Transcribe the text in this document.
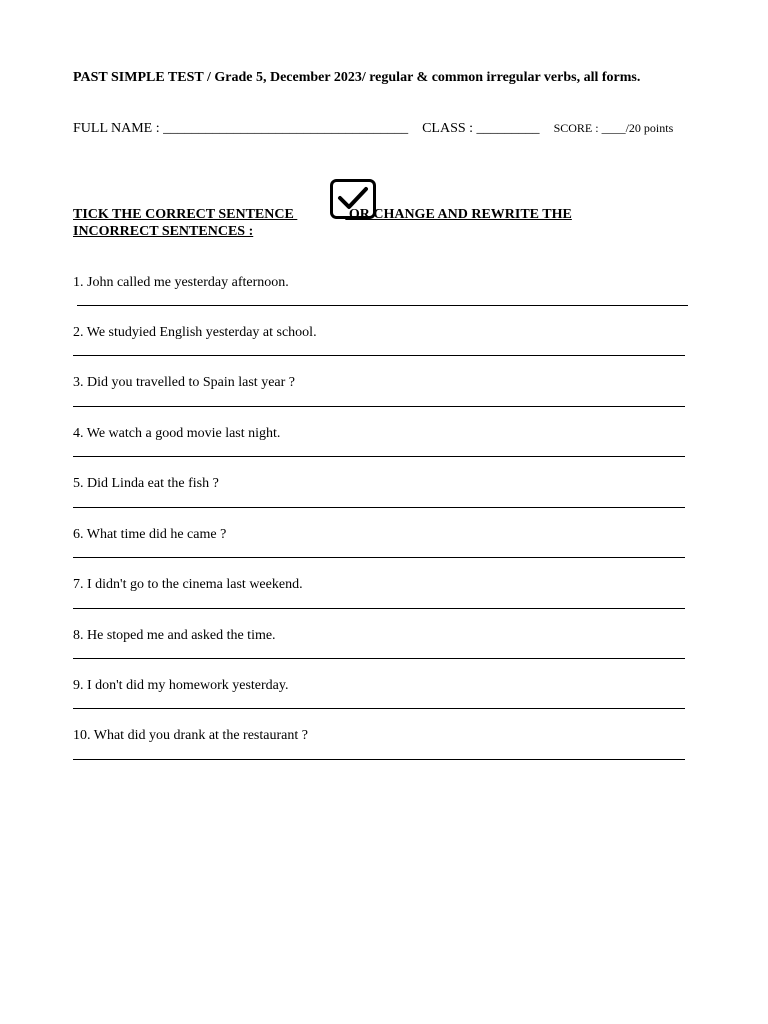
PAST SIMPLE TEST / Grade 5, December 2023/ regular & common irregular verbs, all forms.
FULL NAME : ___________________________________ CLASS : _________ SCORE : ____/20 points
TICK THE CORRECT SENTENCE	OR CHANGE AND REWRITE THE
INCORRECT SENTENCES :
1. John called me yesterday afternoon.
2. We studyied English yesterday at school.
3. Did you travelled to Spain last year ?
4. We watch a good movie last night.
5. Did Linda eat the fish ?
6. What time did he came ?
7. I didn't go to the cinema last weekend.
8. He stoped me and asked the time.
9. I don't did my homework yesterday.
10. What did you drank at the restaurant ?
